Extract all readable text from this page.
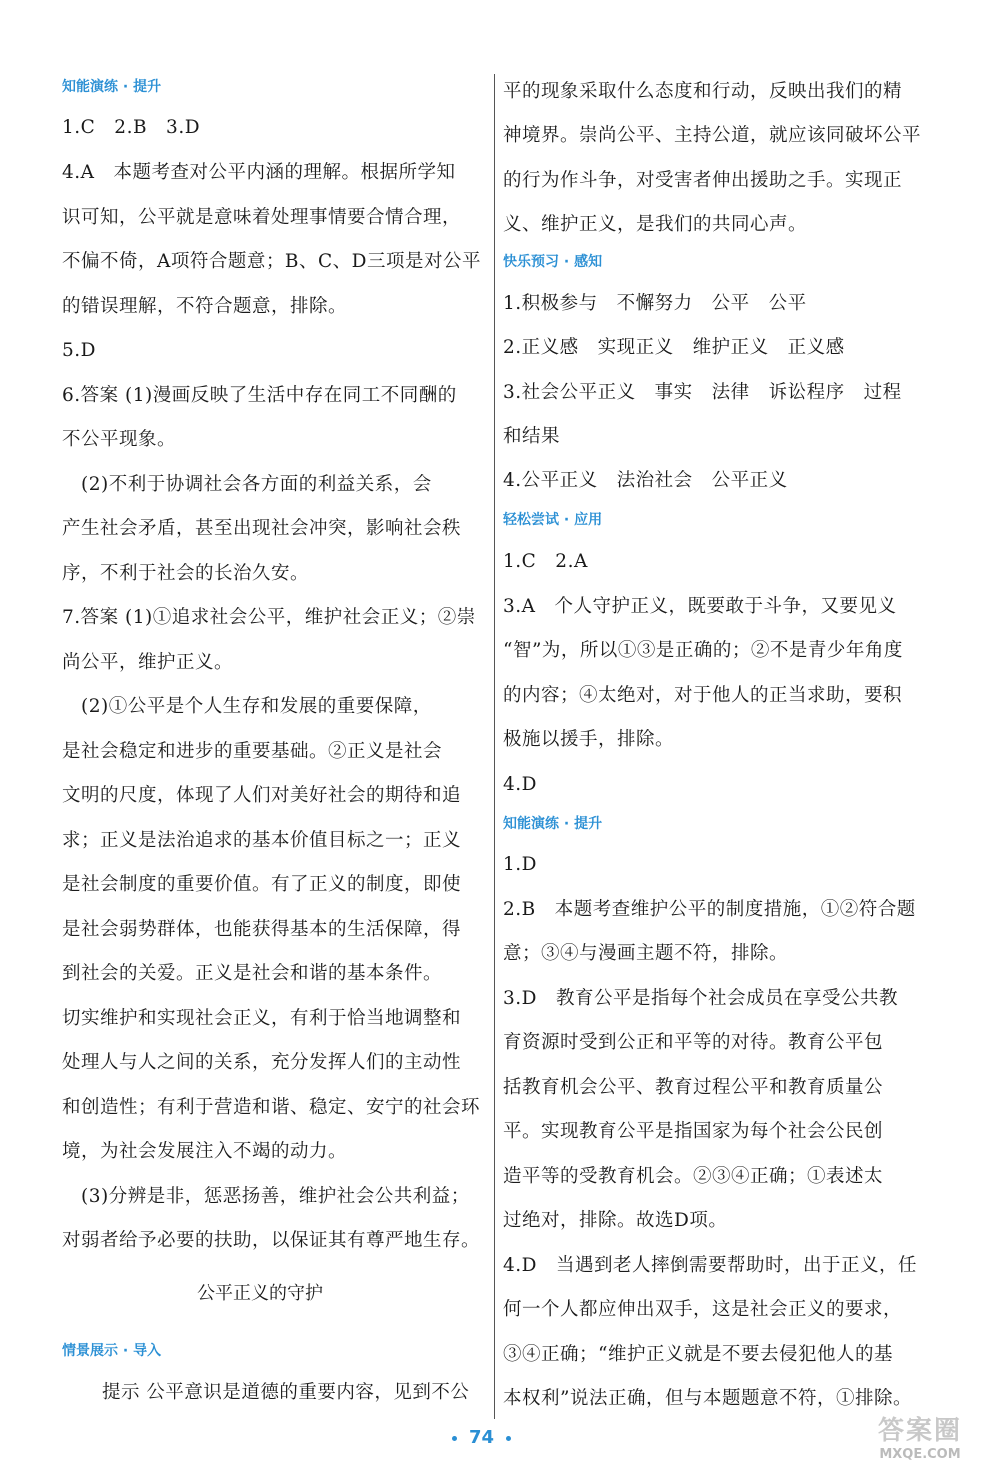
知能演练 · 提升
1.C　2.B　3.D
4.A　本题考查对公平内涵的理解。根据所学知
识可知，公平就是意味着处理事情要合情合理，
不偏不倚，A项符合题意；B、C、D三项是对公平
的错误理解，不符合题意，排除。
5.D
6.答案 (1)漫画反映了生活中存在同工不同酬的
不公平现象。
　(2)不利于协调社会各方面的利益关系，会
产生社会矛盾，甚至出现社会冲突，影响社会秩
序，不利于社会的长治久安。
7.答案 (1)①追求社会公平，维护社会正义；②崇
尚公平，维护正义。
　(2)①公平是个人生存和发展的重要保障，
是社会稳定和进步的重要基础。②正义是社会
文明的尺度，体现了人们对美好社会的期待和追
求；正义是法治追求的基本价值目标之一；正义
是社会制度的重要价值。有了正义的制度，即使
是社会弱势群体，也能获得基本的生活保障，得
到社会的关爱。正义是社会和谐的基本条件。
切实维护和实现社会正义，有利于恰当地调整和
处理人与人之间的关系，充分发挥人们的主动性
和创造性；有利于营造和谐、稳定、安宁的社会环
境，为社会发展注入不竭的动力。
　(3)分辨是非，惩恶扬善，维护社会公共利益；
对弱者给予必要的扶助，以保证其有尊严地生存。
公平正义的守护
情景展示 · 导入
提示 公平意识是道德的重要内容，见到不公
平的现象采取什么态度和行动，反映出我们的精
神境界。崇尚公平、主持公道，就应该同破坏公平
的行为作斗争，对受害者伸出援助之手。实现正
义、维护正义，是我们的共同心声。
快乐预习 · 感知
1.积极参与　不懈努力　公平　公平
2.正义感　实现正义　维护正义　正义感
3.社会公平正义　事实　法律　诉讼程序　过程
和结果
4.公平正义　法治社会　公平正义
轻松尝试 · 应用
1.C　2.A
3.A　个人守护正义，既要敢于斗争，又要见义
“智”为，所以①③是正确的；②不是青少年角度
的内容；④太绝对，对于他人的正当求助，要积
极施以援手，排除。
4.D
知能演练 · 提升
1.D
2.B　本题考查维护公平的制度措施，①②符合题
意；③④与漫画主题不符，排除。
3.D　教育公平是指每个社会成员在享受公共教
育资源时受到公正和平等的对待。教育公平包
括教育机会公平、教育过程公平和教育质量公
平。实现教育公平是指国家为每个社会公民创
造平等的受教育机会。②③④正确；①表述太
过绝对，排除。故选D项。
4.D　当遇到老人摔倒需要帮助时，出于正义，任
何一个人都应伸出双手，这是社会正义的要求，
③④正确；“维护正义就是不要去侵犯他人的基
本权利”说法正确，但与本题题意不符，①排除。
74	答案圈
MXQE.COM
